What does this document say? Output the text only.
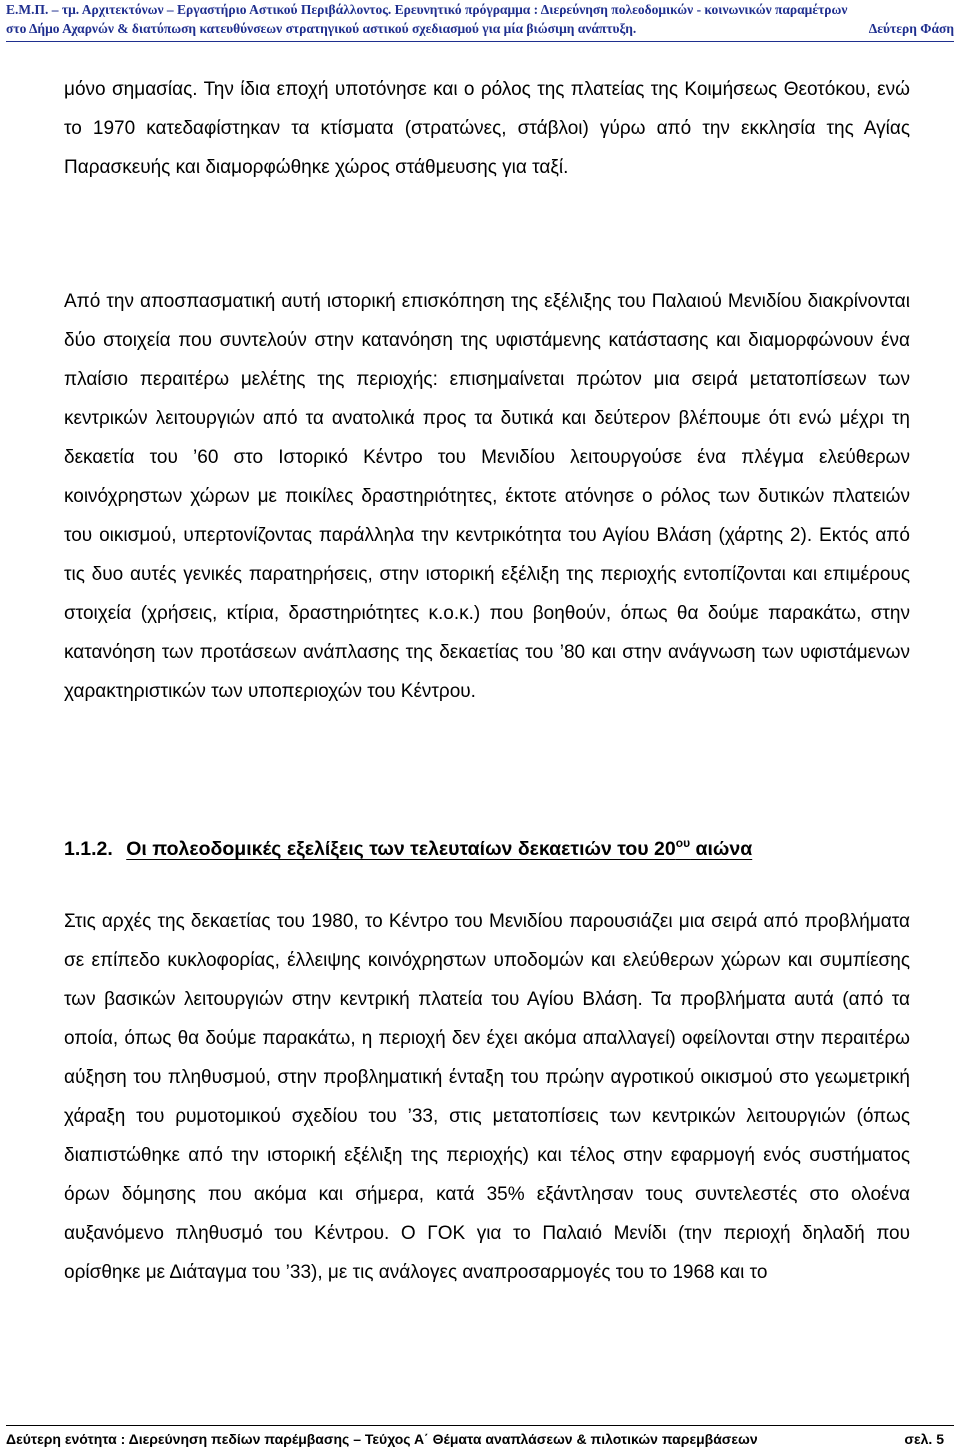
Ε.Μ.Π. – τμ. Αρχιτεκτόνων – Εργαστήριο Αστικού Περιβάλλοντος. Ερευνητικό πρόγραμμα : Διερεύνηση πολεοδομικών - κοινωνικών παραμέτρων
στο Δήμο Αχαρνών & διατύπωση κατευθύνσεων στρατηγικού αστικού σχεδιασμού για μία βιώσιμη ανάπτυξη.	Δεύτερη Φάση

μόνο σημασίας. Την ίδια εποχή υποτόνησε και ο ρόλος της πλατείας της Κοιμήσεως Θεοτόκου, ενώ το 1970 κατεδαφίστηκαν τα κτίσματα (στρατώνες, στάβλοι) γύρω από την εκκλησία της Αγίας Παρασκευής και διαμορφώθηκε χώρος στάθμευσης για ταξί.

Από την αποσπασματική αυτή ιστορική επισκόπηση της εξέλιξης του Παλαιού Μενιδίου διακρίνονται δύο στοιχεία που συντελούν στην κατανόηση της υφιστάμενης κατάστασης και διαμορφώνουν ένα πλαίσιο περαιτέρω μελέτης της περιοχής: επισημαίνεται πρώτον μια σειρά μετατοπίσεων των κεντρικών λειτουργιών από τα ανατολικά προς τα δυτικά και δεύτερον βλέπουμε ότι ενώ μέχρι τη δεκαετία του ’60 στο Ιστορικό Κέντρο του Μενιδίου λειτουργούσε ένα πλέγμα ελεύθερων κοινόχρηστων χώρων με ποικίλες δραστηριότητες, έκτοτε ατόνησε ο ρόλος των δυτικών πλατειών του οικισμού, υπερτονίζοντας παράλληλα την κεντρικότητα του Αγίου Βλάση (χάρτης 2). Εκτός από τις δυο αυτές γενικές παρατηρήσεις, στην ιστορική εξέλιξη της περιοχής εντοπίζονται και επιμέρους στοιχεία (χρήσεις, κτίρια, δραστηριότητες κ.ο.κ.) που βοηθούν, όπως θα δούμε παρακάτω, στην κατανόηση των προτάσεων ανάπλασης της δεκαετίας του ’80 και στην ανάγνωση των υφιστάμενων χαρακτηριστικών των υποπεριοχών του Κέντρου.

1.1.2. Οι πολεοδομικές εξελίξεις των τελευταίων δεκαετιών του $20^{o\upsilon}$ αιώνα

Στις αρχές της δεκαετίας του 1980, το Κέντρο του Μενιδίου παρουσιάζει μια σειρά από προβλήματα σε επίπεδο κυκλοφορίας, έλλειψης κοινόχρηστων υποδομών και ελεύθερων χώρων και συμπίεσης των βασικών λειτουργιών στην κεντρική πλατεία του Αγίου Βλάση. Τα προβλήματα αυτά (από τα οποία, όπως θα δούμε παρακάτω, η περιοχή δεν έχει ακόμα απαλλαγεί) οφείλονται στην περαιτέρω αύξηση του πληθυσμού, στην προβληματική ένταξη του πρώην αγροτικού οικισμού στο γεωμετρική χάραξη του ρυμοτομικού σχεδίου του ’33, στις μετατοπίσεις των κεντρικών λειτουργιών (όπως διαπιστώθηκε από την ιστορική εξέλιξη της περιοχής) και τέλος στην εφαρμογή ενός συστήματος όρων δόμησης που ακόμα και σήμερα, κατά 35% εξάντλησαν τους συντελεστές στο ολοένα αυξανόμενο πληθυσμό του Κέντρου. Ο ΓΟΚ για το Παλαιό Μενίδι (την περιοχή δηλαδή που ορίσθηκε με Διάταγμα του ’33), με τις ανάλογες αναπροσαρμογές του το 1968 και το

Δεύτερη ενότητα : Διερεύνηση πεδίων παρέμβασης – Τεύχος Α΄ Θέματα αναπλάσεων & πιλοτικών παρεμβάσεων	σελ. 5
